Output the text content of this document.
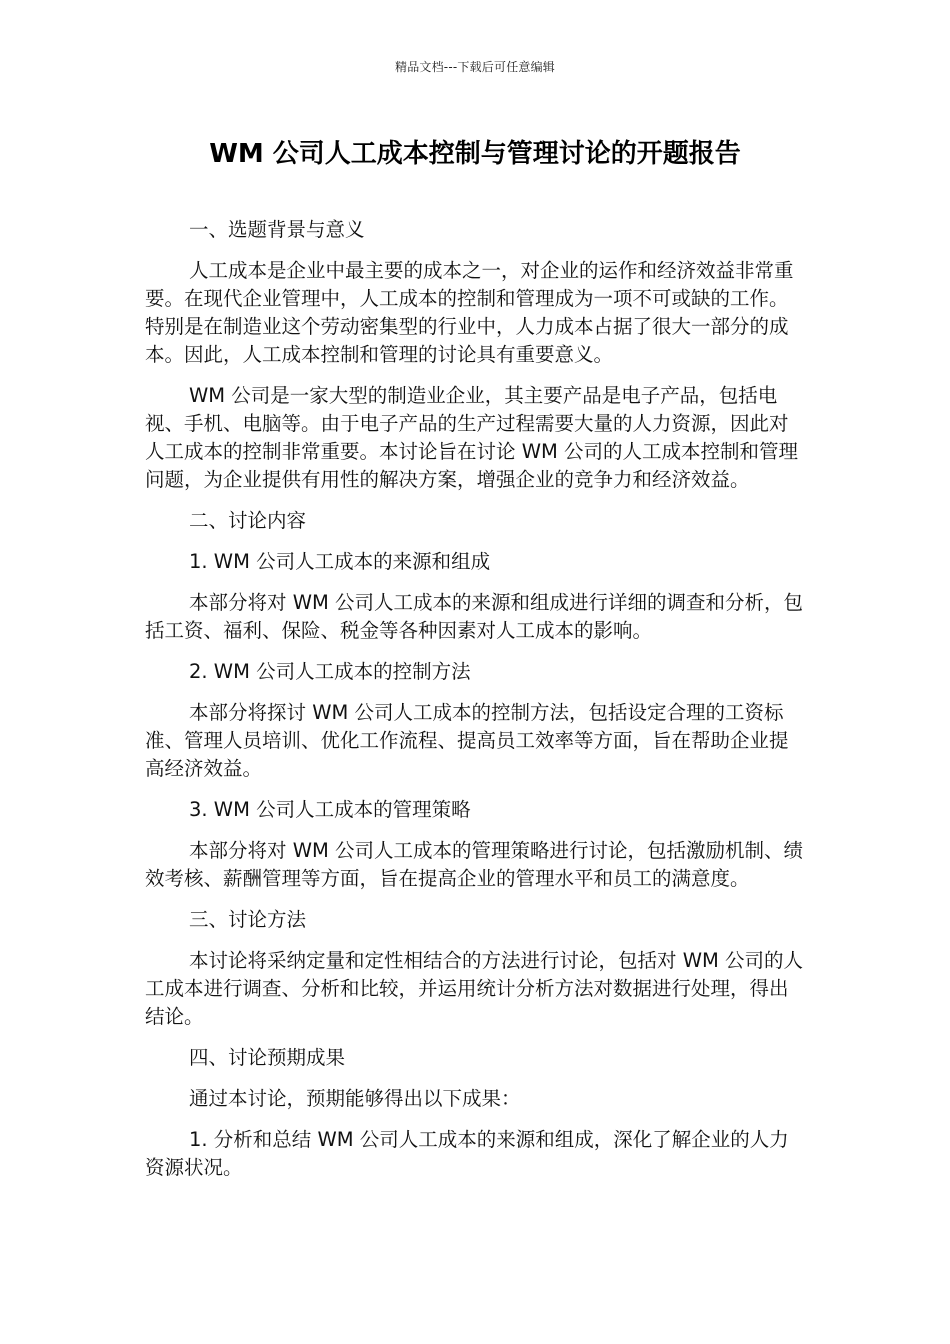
精品文档---下载后可任意编辑
WM 公司人工成本控制与管理讨论的开题报告

一、选题背景与意义

人工成本是企业中最主要的成本之一，对企业的运作和经济效益非常重要。在现代企业管理中，人工成本的控制和管理成为一项不可或缺的工作。特别是在制造业这个劳动密集型的行业中，人力成本占据了很大一部分的成本。因此，人工成本控制和管理的讨论具有重要意义。

WM 公司是一家大型的制造业企业，其主要产品是电子产品，包括电视、手机、电脑等。由于电子产品的生产过程需要大量的人力资源，因此对人工成本的控制非常重要。本讨论旨在讨论 WM 公司的人工成本控制和管理问题，为企业提供有用性的解决方案，增强企业的竞争力和经济效益。

二、讨论内容

1. WM 公司人工成本的来源和组成

本部分将对 WM 公司人工成本的来源和组成进行详细的调查和分析，包括工资、福利、保险、税金等各种因素对人工成本的影响。

2. WM 公司人工成本的控制方法

本部分将探讨 WM 公司人工成本的控制方法，包括设定合理的工资标准、管理人员培训、优化工作流程、提高员工效率等方面，旨在帮助企业提高经济效益。

3. WM 公司人工成本的管理策略

本部分将对 WM 公司人工成本的管理策略进行讨论，包括激励机制、绩效考核、薪酬管理等方面，旨在提高企业的管理水平和员工的满意度。

三、讨论方法

本讨论将采纳定量和定性相结合的方法进行讨论，包括对 WM 公司的人工成本进行调查、分析和比较，并运用统计分析方法对数据进行处理，得出结论。

四、讨论预期成果

通过本讨论，预期能够得出以下成果：

1. 分析和总结 WM 公司人工成本的来源和组成，深化了解企业的人力资源状况。
